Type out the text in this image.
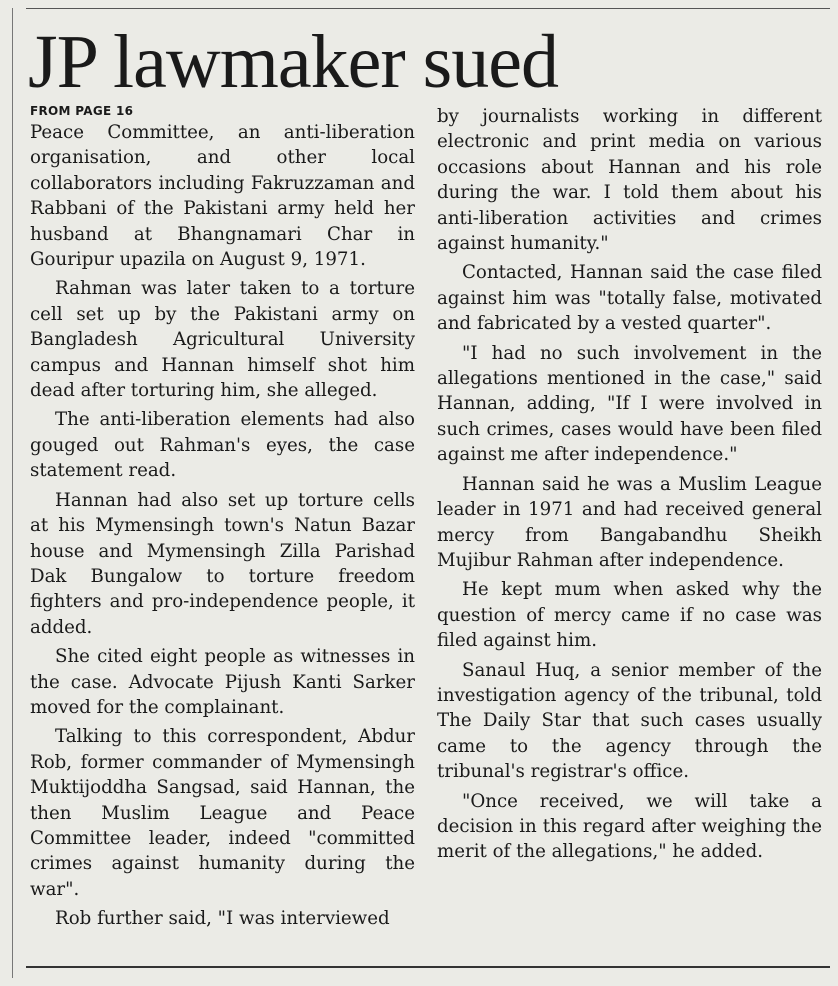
JP lawmaker sued
FROM PAGE 16

Peace Committee, an anti-liberation organisation, and other local collaborators including Fakruzzaman and Rabbani of the Pakistani army held her husband at Bhangnamari Char in Gouripur upazila on August 9, 1971.

Rahman was later taken to a torture cell set up by the Pakistani army on Bangladesh Agricultural University campus and Hannan himself shot him dead after torturing him, she alleged.

The anti-liberation elements had also gouged out Rahman's eyes, the case statement read.

Hannan had also set up torture cells at his Mymensingh town's Natun Bazar house and Mymensingh Zilla Parishad Dak Bungalow to torture freedom fighters and pro-independence people, it added.

She cited eight people as witnesses in the case. Advocate Pijush Kanti Sarker moved for the complainant.

Talking to this correspondent, Abdur Rob, former commander of Mymensingh Muktijoddha Sangsad, said Hannan, the then Muslim League and Peace Committee leader, indeed "committed crimes against humanity during the war".

Rob further said, "I was interviewed

by journalists working in different electronic and print media on various occasions about Hannan and his role during the war. I told them about his anti-liberation activities and crimes against humanity."

Contacted, Hannan said the case filed against him was "totally false, motivated and fabricated by a vested quarter".

"I had no such involvement in the allegations mentioned in the case," said Hannan, adding, "If I were involved in such crimes, cases would have been filed against me after independence."

Hannan said he was a Muslim League leader in 1971 and had received general mercy from Bangabandhu Sheikh Mujibur Rahman after independence.

He kept mum when asked why the question of mercy came if no case was filed against him.

Sanaul Huq, a senior member of the investigation agency of the tribunal, told The Daily Star that such cases usually came to the agency through the tribunal's registrar's office.

"Once received, we will take a decision in this regard after weighing the merit of the allegations," he added.
